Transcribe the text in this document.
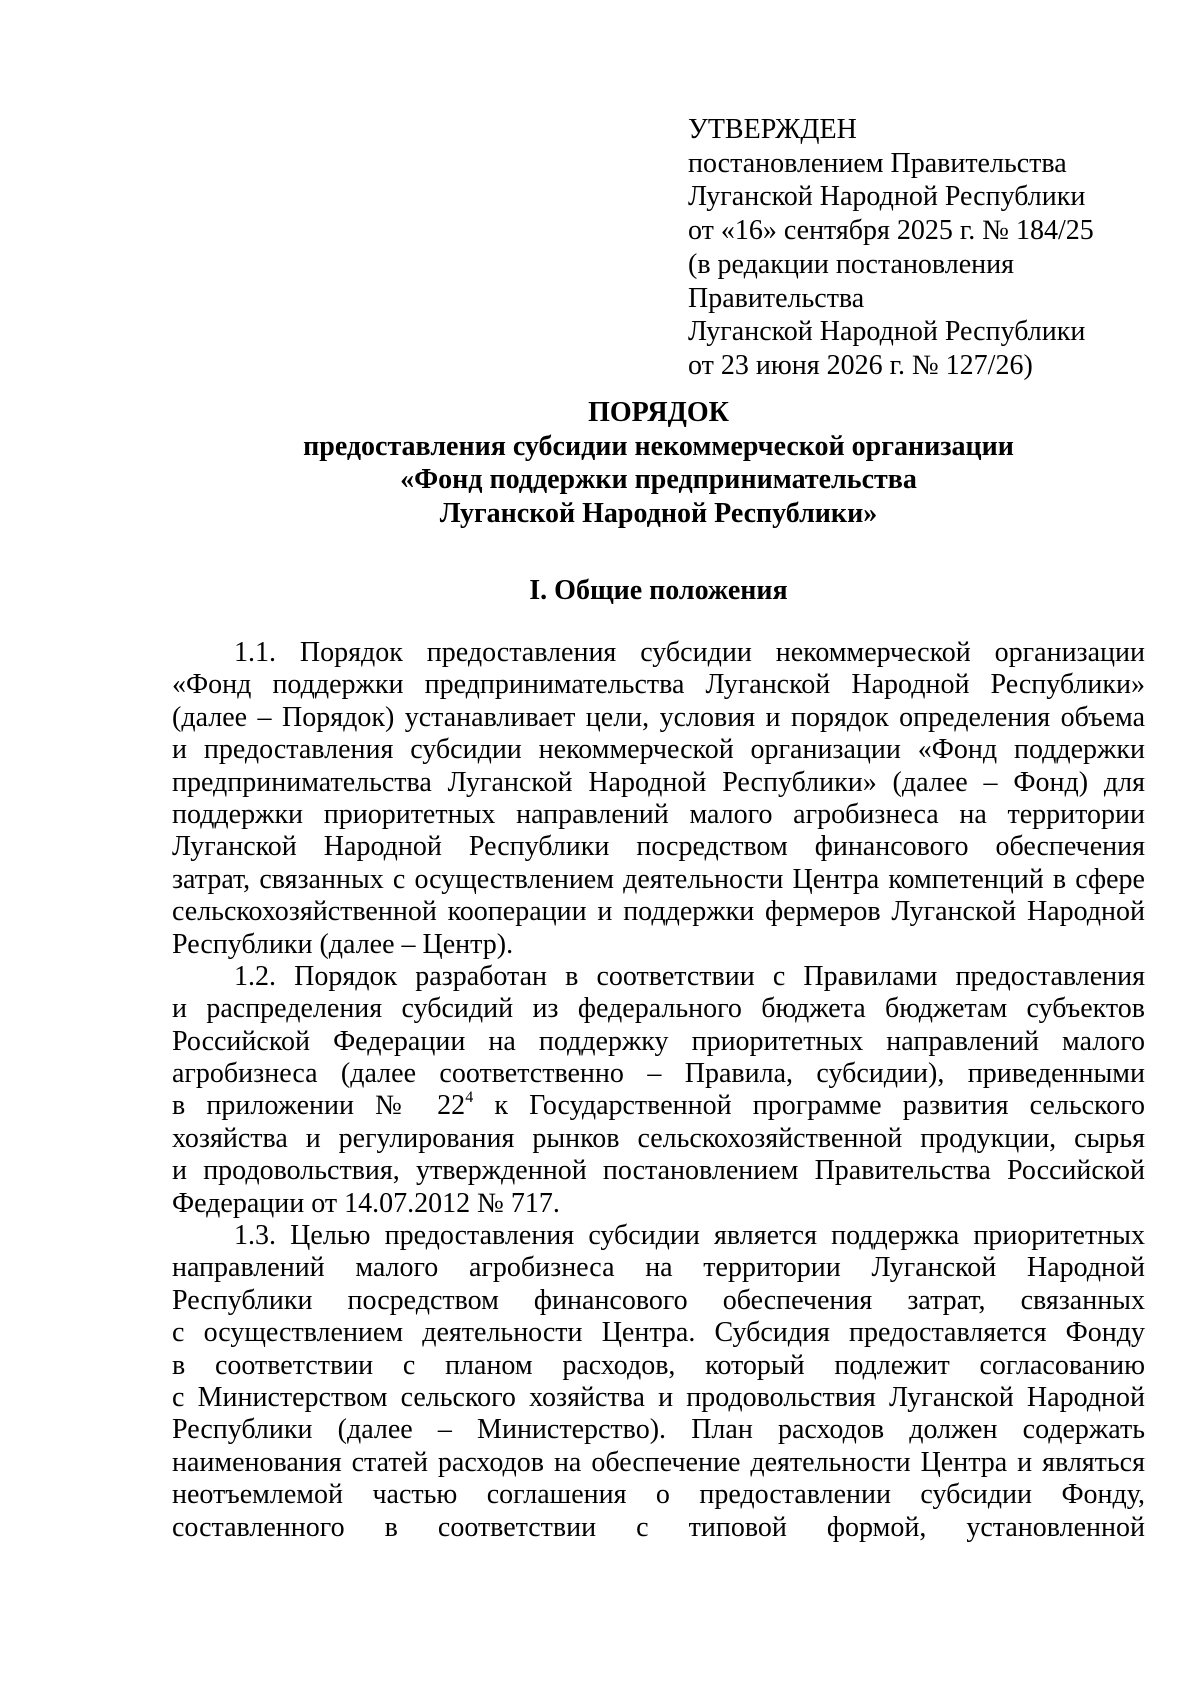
УТВЕРЖДЕН
постановлением Правительства
Луганской Народной Республики
от «16» сентября 2025 г. № 184/25
(в редакции постановления
Правительства
Луганской Народной Республики
от 23 июня 2026 г. № 127/26)
ПОРЯДОК
предоставления субсидии некоммерческой организации
«Фонд поддержки предпринимательства
Луганской Народной Республики»
I. Общие положения
1.1. Порядок предоставления субсидии некоммерческой организации
«Фонд поддержки предпринимательства Луганской Народной Республики»
(далее – Порядок) устанавливает цели, условия и порядок определения объема
и предоставления субсидии некоммерческой организации «Фонд поддержки
предпринимательства Луганской Народной Республики» (далее – Фонд) для
поддержки приоритетных направлений малого агробизнеса на территории
Луганской Народной Республики посредством финансового обеспечения
затрат, связанных с осуществлением деятельности Центра компетенций в сфере
сельскохозяйственной кооперации и поддержки фермеров Луганской Народной
Республики (далее – Центр).
1.2. Порядок разработан в соответствии с Правилами предоставления
и распределения субсидий из федерального бюджета бюджетам субъектов
Российской Федерации на поддержку приоритетных направлений малого
агробизнеса (далее соответственно – Правила, субсидии), приведенными
в приложении № $22^4$ к Государственной программе развития сельского
хозяйства и регулирования рынков сельскохозяйственной продукции, сырья
и продовольствия, утвержденной постановлением Правительства Российской
Федерации от 14.07.2012 № 717.
1.3. Целью предоставления субсидии является поддержка приоритетных
направлений малого агробизнеса на территории Луганской Народной
Республики посредством финансового обеспечения затрат, связанных
с осуществлением деятельности Центра. Субсидия предоставляется Фонду
в соответствии с планом расходов, который подлежит согласованию
с Министерством сельского хозяйства и продовольствия Луганской Народной
Республики (далее – Министерство). План расходов должен содержать
наименования статей расходов на обеспечение деятельности Центра и являться
неотъемлемой частью соглашения о предоставлении субсидии Фонду,
составленного в соответствии с типовой формой, установленной
